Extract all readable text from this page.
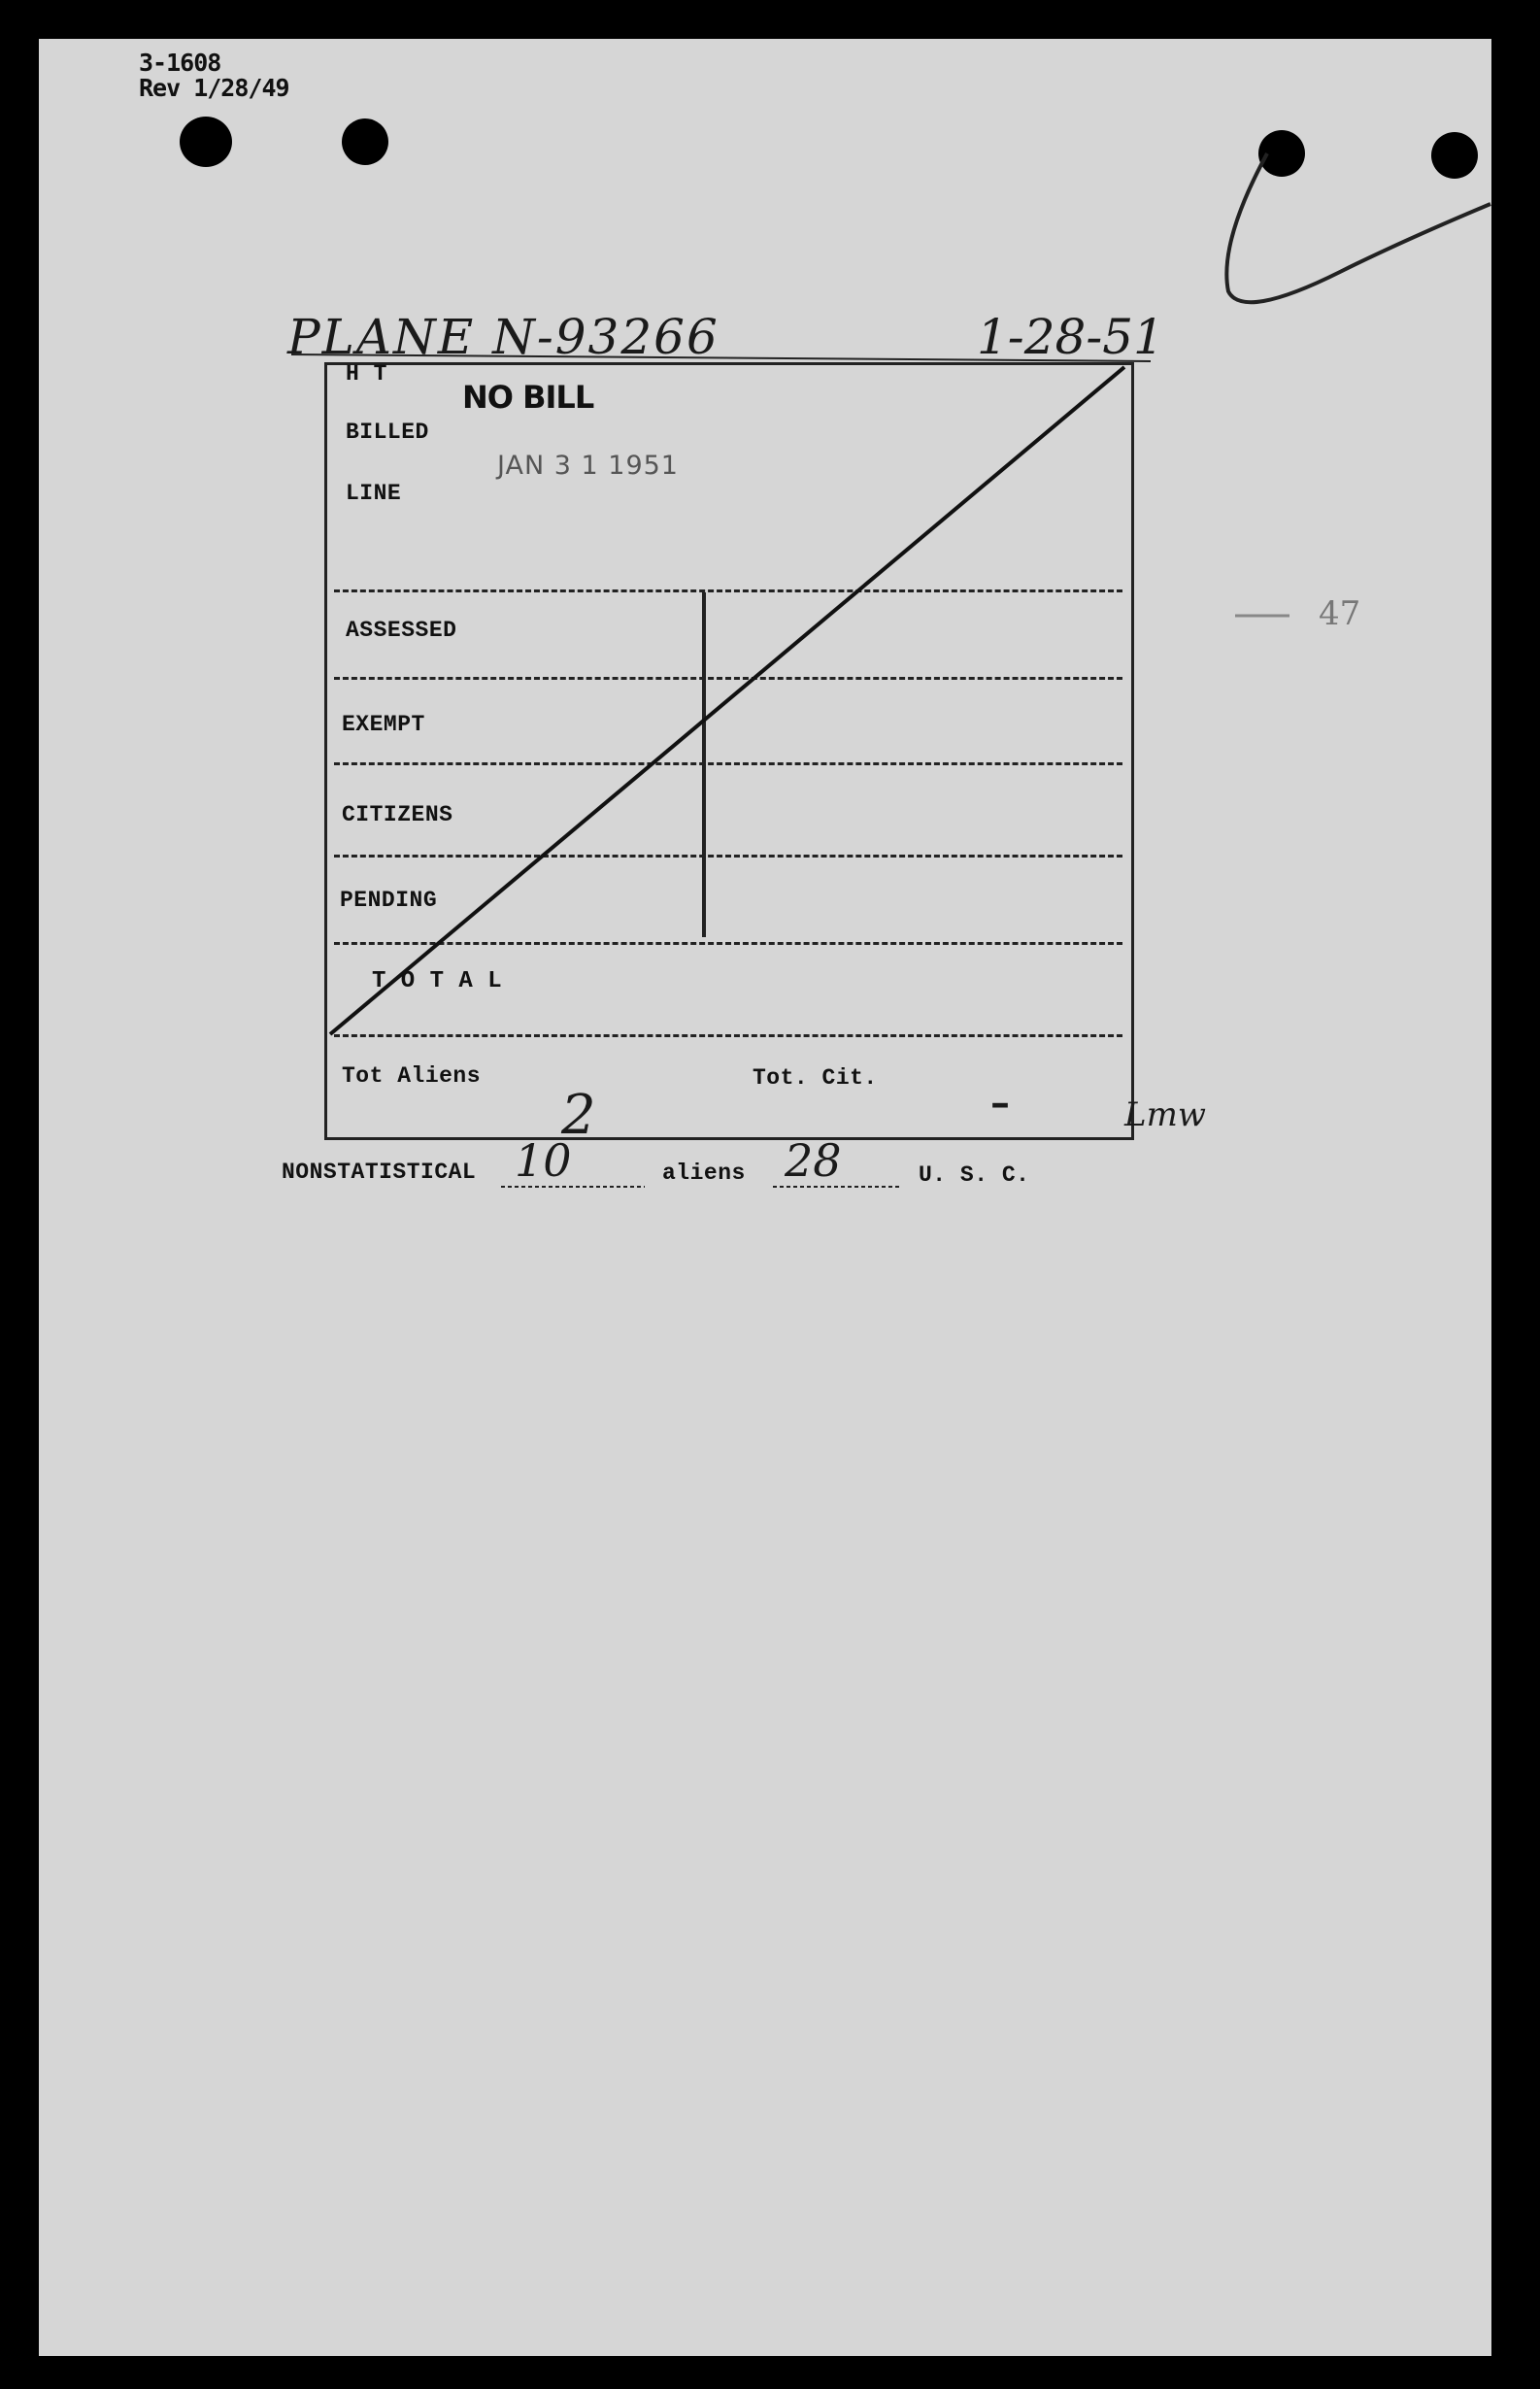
3-1608
Rev 1/28/49
PLANE N-93266	1-28-51
47
H T
BILLED
LINE
ASSESSED
EXEMPT
CITIZENS
PENDING
T O T A L
Tot Aliens	Tot. Cit.
NO BILL
JAN 3 1 1951
2	–	Lmw
NONSTATISTICAL 10	aliens 28	U. S. C.
